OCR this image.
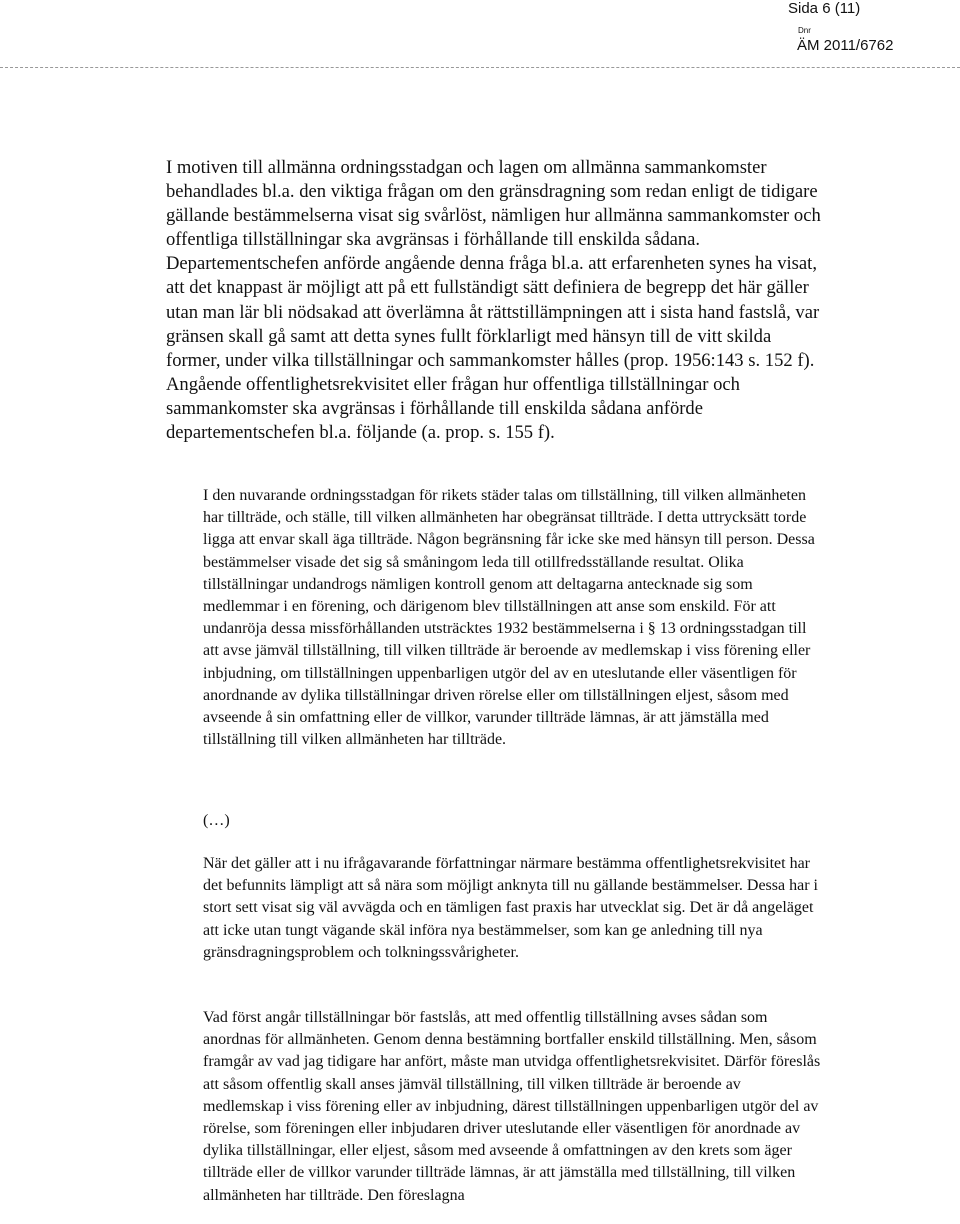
Sida 6 (11)
Dnr
ÄM 2011/6762

I motiven till allmänna ordningsstadgan och lagen om allmänna sammankomster behandlades bl.a. den viktiga frågan om den gränsdragning som redan enligt de tidigare gällande bestämmelserna visat sig svårlöst, nämligen hur allmänna sammankomster och offentliga tillställningar ska avgränsas i förhållande till enskilda sådana. Departementschefen anförde angående denna fråga bl.a. att erfarenheten synes ha visat, att det knappast är möjligt att på ett fullständigt sätt definiera de begrepp det här gäller utan man lär bli nödsakad att överlämna åt rättstillämpningen att i sista hand fastslå, var gränsen skall gå samt att detta synes fullt förklarligt med hänsyn till de vitt skilda former, under vilka tillställningar och sammankomster hålles (prop. 1956:143 s. 152 f). Angående offentlighetsrekvisitet eller frågan hur offentliga tillställningar och sammankomster ska avgränsas i förhållande till enskilda sådana anförde departementschefen bl.a. följande (a. prop. s. 155 f).

I den nuvarande ordningsstadgan för rikets städer talas om tillställning, till vilken allmänheten har tillträde, och ställe, till vilken allmänheten har obegränsat tillträde. I detta uttrycksätt torde ligga att envar skall äga tillträde. Någon begränsning får icke ske med hänsyn till person. Dessa bestämmelser visade det sig så småningom leda till otillfredsställande resultat. Olika tillställningar undandrogs nämligen kontroll genom att deltagarna antecknade sig som medlemmar i en förening, och därigenom blev tillställningen att anse som enskild. För att undanröja dessa missförhållanden utsträcktes 1932 bestämmelserna i § 13 ordningsstadgan till att avse jämväl tillställning, till vilken tillträde är beroende av medlemskap i viss förening eller inbjudning, om tillställningen uppenbarligen utgör del av en uteslutande eller väsentligen för anordnande av dylika tillställningar driven rörelse eller om tillställningen eljest, såsom med avseende å sin omfattning eller de villkor, varunder tillträde lämnas, är att jämställa med tillställning till vilken allmänheten har tillträde.

(…)

När det gäller att i nu ifrågavarande författningar närmare bestämma offentlighetsrekvisitet har det befunnits lämpligt att så nära som möjligt anknyta till nu gällande bestämmelser. Dessa har i stort sett visat sig väl avvägda och en tämligen fast praxis har utvecklat sig. Det är då angeläget att icke utan tungt vägande skäl införa nya bestämmelser, som kan ge anledning till nya gränsdragningsproblem och tolkningssvårigheter.

Vad först angår tillställningar bör fastslås, att med offentlig tillställning avses sådan som anordnas för allmänheten. Genom denna bestämning bortfaller enskild tillställning. Men, såsom framgår av vad jag tidigare har anfört, måste man utvidga offentlighetsrekvisitet. Därför föreslås att såsom offentlig skall anses jämväl tillställning, till vilken tillträde är beroende av medlemskap i viss förening eller av inbjudning, därest tillställningen uppenbarligen utgör del av rörelse, som föreningen eller inbjudaren driver uteslutande eller väsentligen för anordnade av dylika tillställningar, eller eljest, såsom med avseende å omfattningen av den krets som äger tillträde eller de villkor varunder tillträde lämnas, är att jämställa med tillställning, till vilken allmänheten har tillträde. Den föreslagna
